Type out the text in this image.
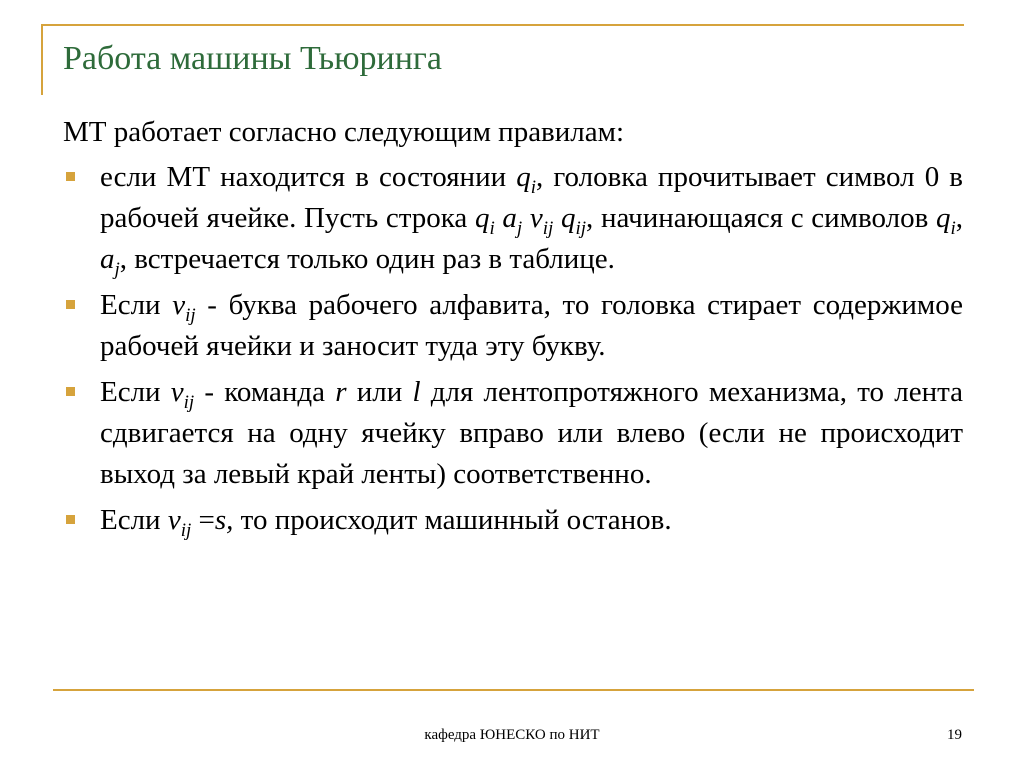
Работа машины Тьюринга

МТ работает согласно следующим правилам:

если МТ находится в состоянии $q_i$, головка прочитывает символ 0 в рабочей ячейке. Пусть строка $q_i$ $a_j$ $v_{ij}$ $q_{ij}$, начинающаяся с символов $q_i$, $a_j$, встречается только один раз в таблице.
Если $v_{ij}$ - буква рабочего алфавита, то головка стирает содержимое рабочей ячейки и заносит туда эту букву.
Если $v_{ij}$ - команда r или l для лентопротяжного механизма, то лента сдвигается на одну ячейку вправо или влево (если не происходит выход за левый край ленты) соответственно.
Если $v_{ij} =s$, то происходит машинный останов.
кафедра ЮНЕСКО по НИТ	19
